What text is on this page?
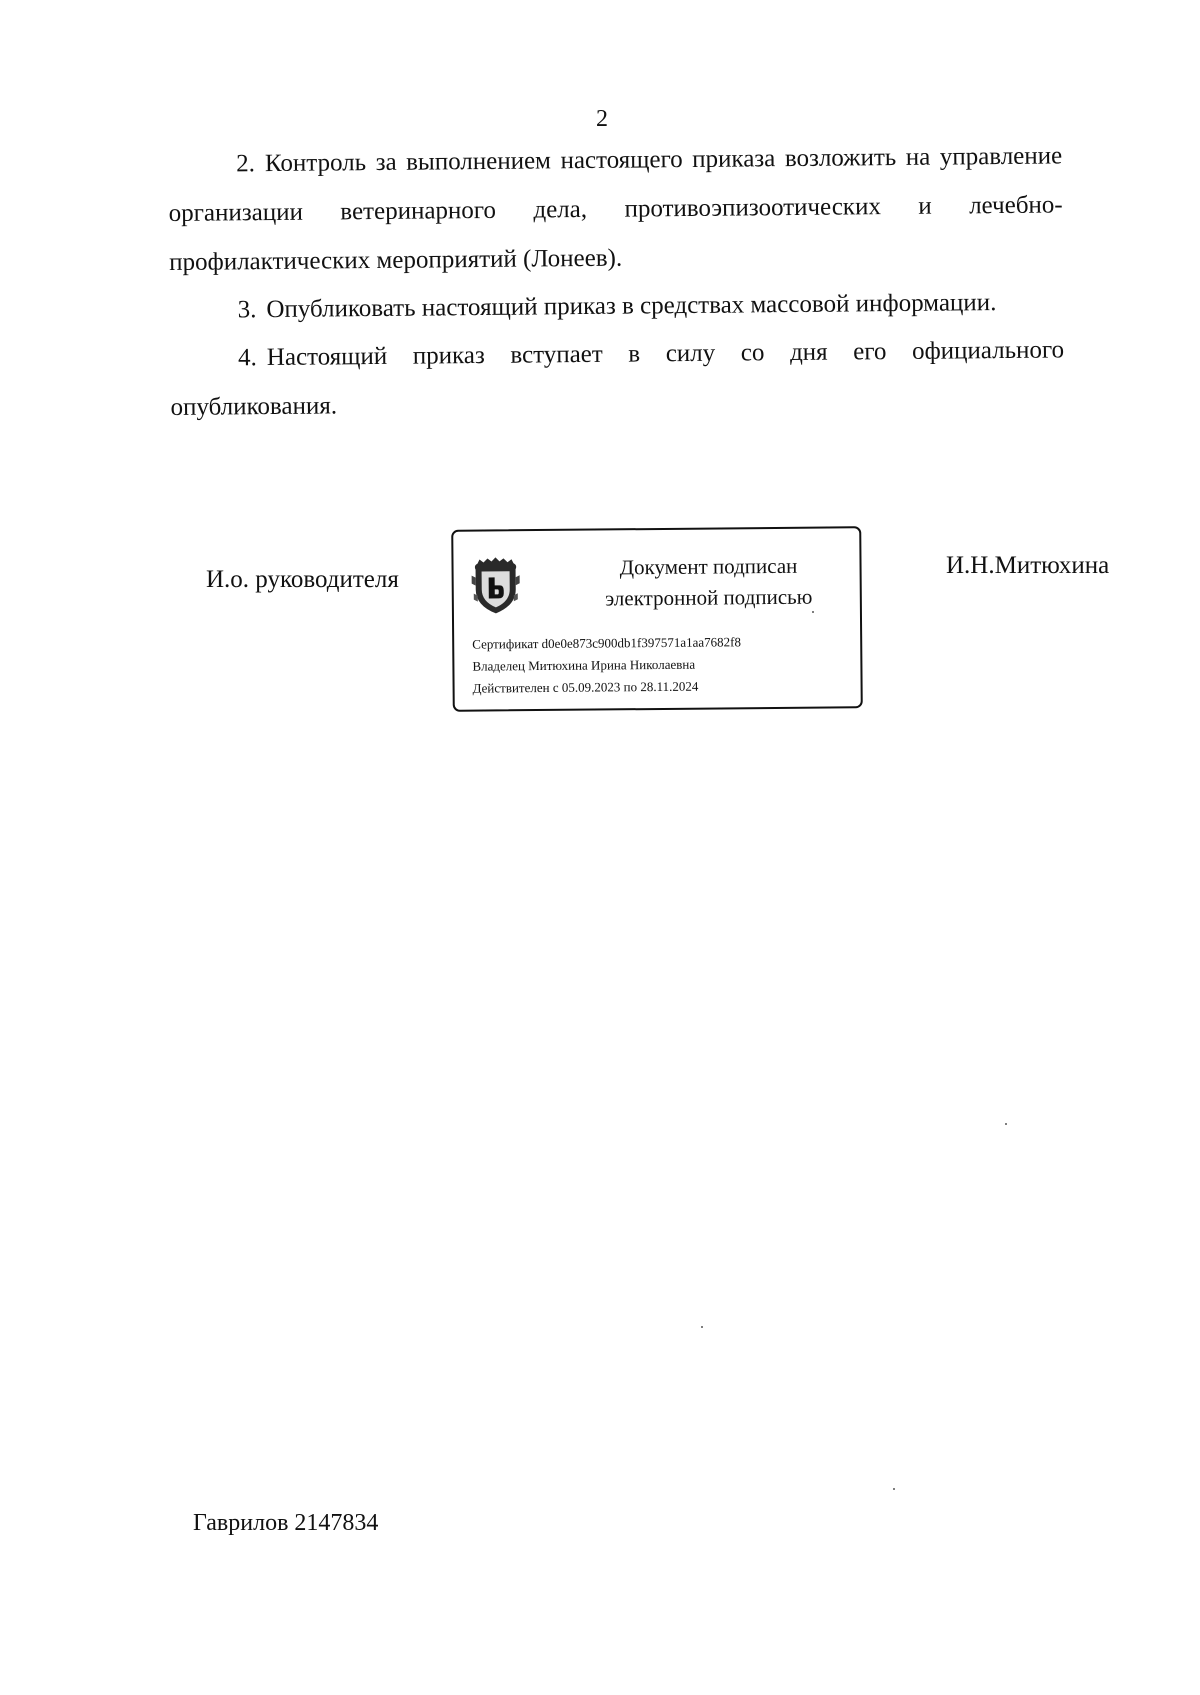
2

2. Контроль за выполнением настоящего приказа возложить на управление организации ветеринарного дела, противоэпизоотических и лечебно-профилактических мероприятий (Лонеев).

3. Опубликовать настоящий приказ в средствах массовой информации.

4. Настоящий приказ вступает в силу со дня его официального опубликования.

И.о. руководителя	Документ подписан
электронной подписью
Сертификат d0e0e873c900db1f397571a1aa7682f8
Владелец Митюхина Ирина Николаевна
Действителен с 05.09.2023 по 28.11.2024
И.Н.Митюхина
Гаврилов 2147834
